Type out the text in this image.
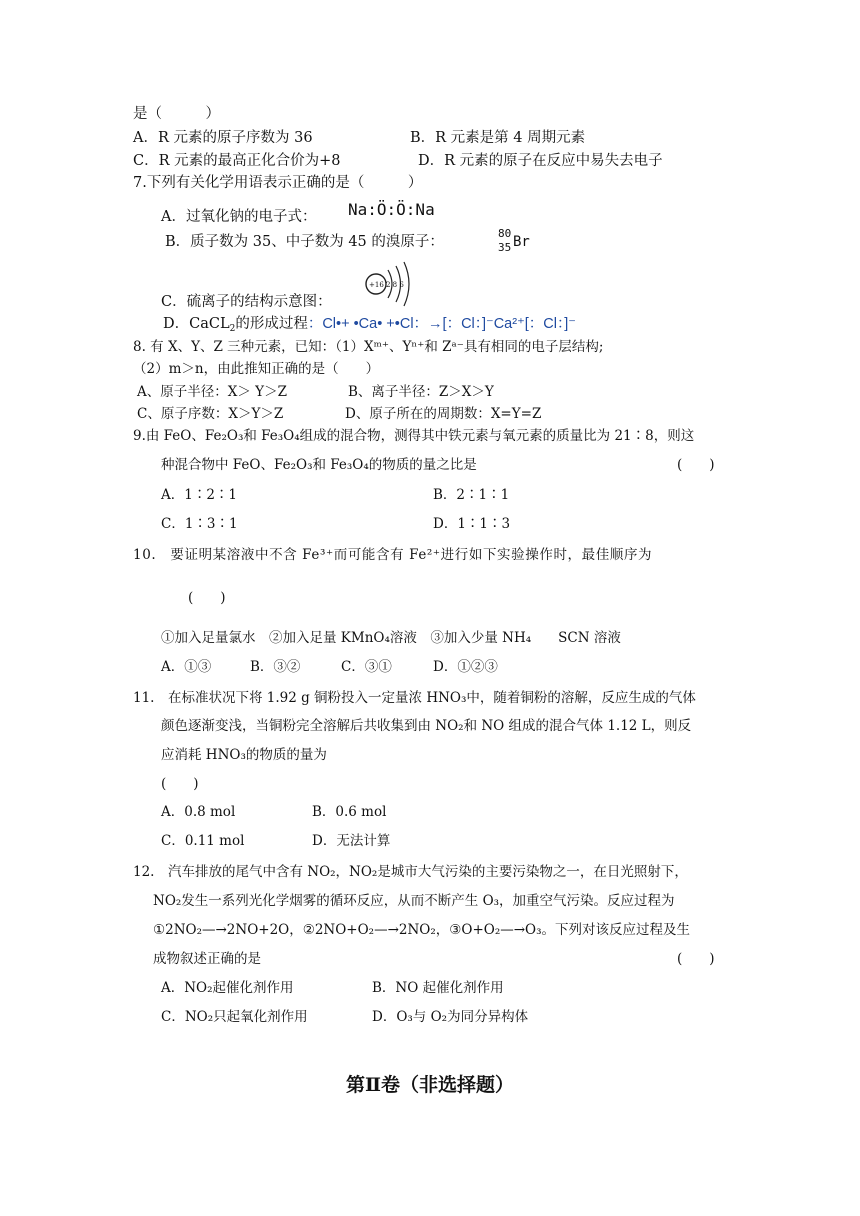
是（　　　）
A．R 元素的原子序数为 36	B．R 元素是第 4 周期元素
C．R 元素的最高正化合价为+8	D．R 元素的原子在反应中易失去电子
7.下列有关化学用语表示正确的是（　　　）
A．过氧化钠的电子式： Na:Ö:Ö:Na
B．质子数为 35、中子数为 45 的溴原子：
80
35 Br
C．硫离子的结构示意图：
+16 2 8 6
D．CaCL$_2$的形成过程：Cl•+ •Ca• +•Cl：→[：Cl：]⁻Ca²⁺[：Cl：]⁻
8. 有 X、Y、Z 三种元素，已知：（1）Xᵐ⁺、Yⁿ⁺和 Zᵃ⁻具有相同的电子层结构;
（2）m＞n，由此推知正确的是（　　）
A、原子半径：X＞ Y＞Z	B、离子半径：Z＞X＞Y
C、原子序数：X＞Y＞Z	D、原子所在的周期数：X=Y=Z
9.由 FeO、Fe₂O₃和 Fe₃O₄组成的混合物，测得其中铁元素与氧元素的质量比为 21∶8，则这
种混合物中 FeO、Fe₂O₃和 Fe₃O₄的物质的量之比是	(　　)
A．1∶2∶1	B．2∶1∶1
C．1∶3∶1	D．1∶1∶3
10.　要证明某溶液中不含 Fe³⁺而可能含有 Fe²⁺进行如下实验操作时，最佳顺序为
(　　)
①加入足量氯水　②加入足量 KMnO₄溶液　③加入少量 NH₄　　SCN 溶液
A．①③	B．③②	C．③①	D．①②③
11.　在标准状况下将 1.92 g 铜粉投入一定量浓 HNO₃中，随着铜粉的溶解，反应生成的气体
颜色逐渐变浅，当铜粉完全溶解后共收集到由 NO₂和 NO 组成的混合气体 1.12 L，则反
应消耗 HNO₃的物质的量为
(　　)
A．0.8 mol	B．0.6 mol
C．0.11 mol	D．无法计算
12.　汽车排放的尾气中含有 NO₂，NO₂是城市大气污染的主要污染物之一，在日光照射下，
NO₂发生一系列光化学烟雾的循环反应，从而不断产生 O₃，加重空气污染。反应过程为
①2NO₂—→2NO+2O，②2NO+O₂—→2NO₂，③O+O₂—→O₃。下列对该反应过程及生
成物叙述正确的是	(　　)
A．NO₂起催化剂作用	B．NO 起催化剂作用
C．NO₂只起氧化剂作用	D．O₃与 O₂为同分异构体
第Ⅱ卷（非选择题）
